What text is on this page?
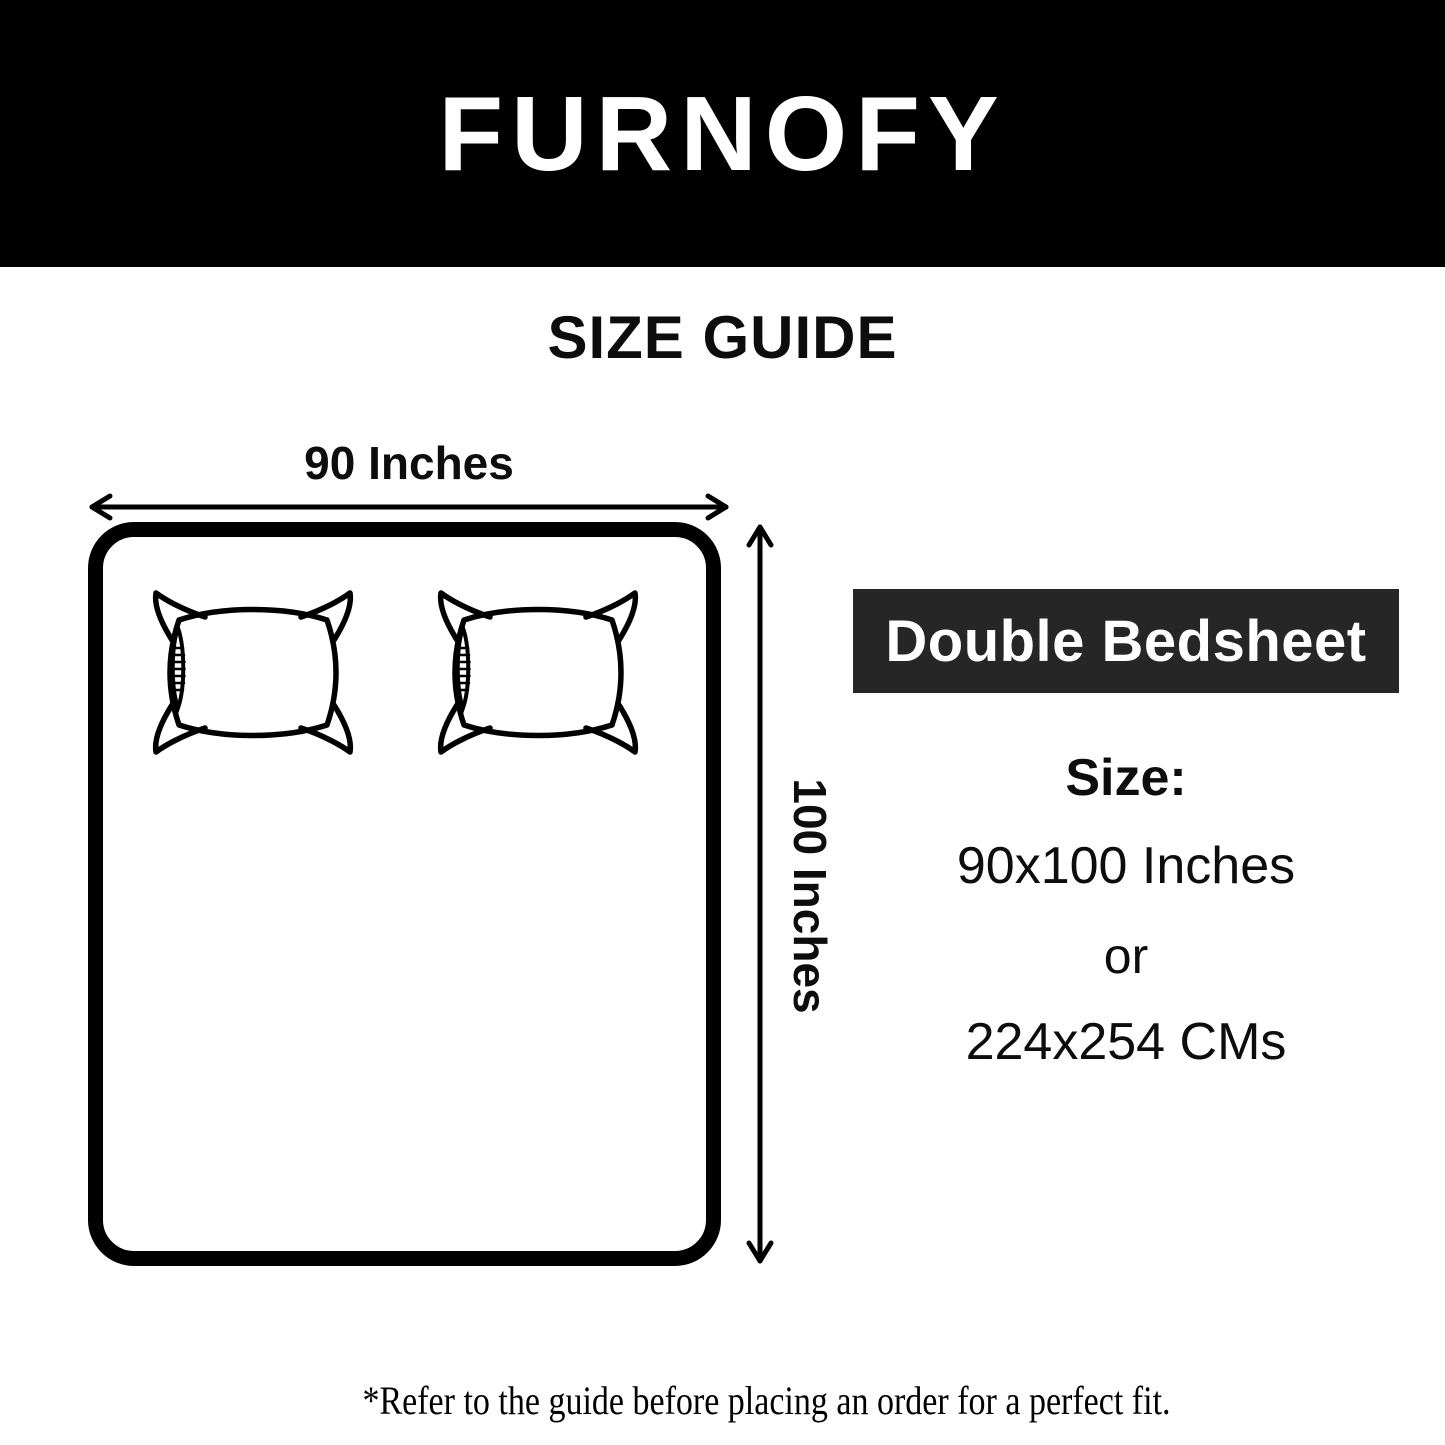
FURNOFY
SIZE GUIDE
90 Inches
100 Inches
Double Bedsheet
Size:
90x100 Inches
or
224x254 CMs
*Refer to the guide before placing an order for a perfect fit.
